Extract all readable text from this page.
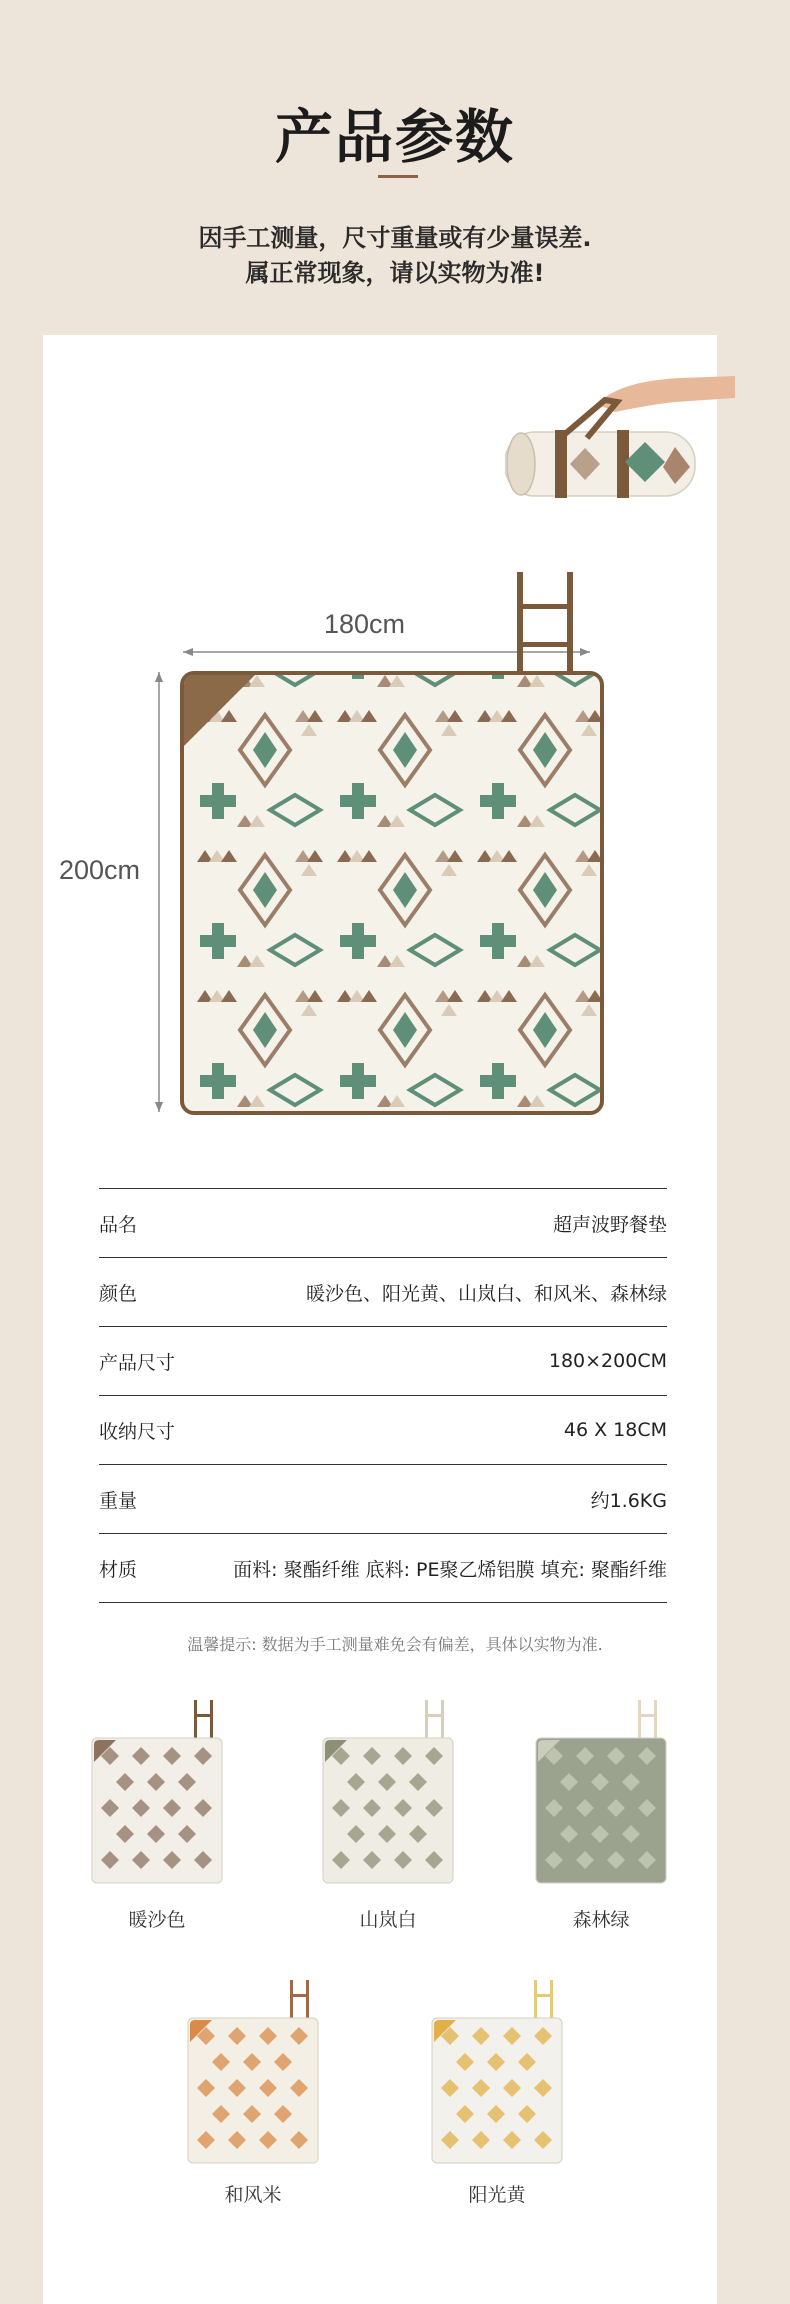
产品参数
因手工测量，尺寸重量或有少量误差.
属正常现象，请以实物为准!
180cm
200cm
品名	超声波野餐垫
颜色	暖沙色、阳光黄、山岚白、和风米、森林绿
产品尺寸	180×200CM
收纳尺寸	46 X 18CM
重量	约1.6KG
材质	面料: 聚酯纤维 底料: PE聚乙烯铝膜 填充: 聚酯纤维
温馨提示: 数据为手工测量难免会有偏差，具体以实物为准.
暖沙色	山岚白	森林绿
和风米	阳光黄
